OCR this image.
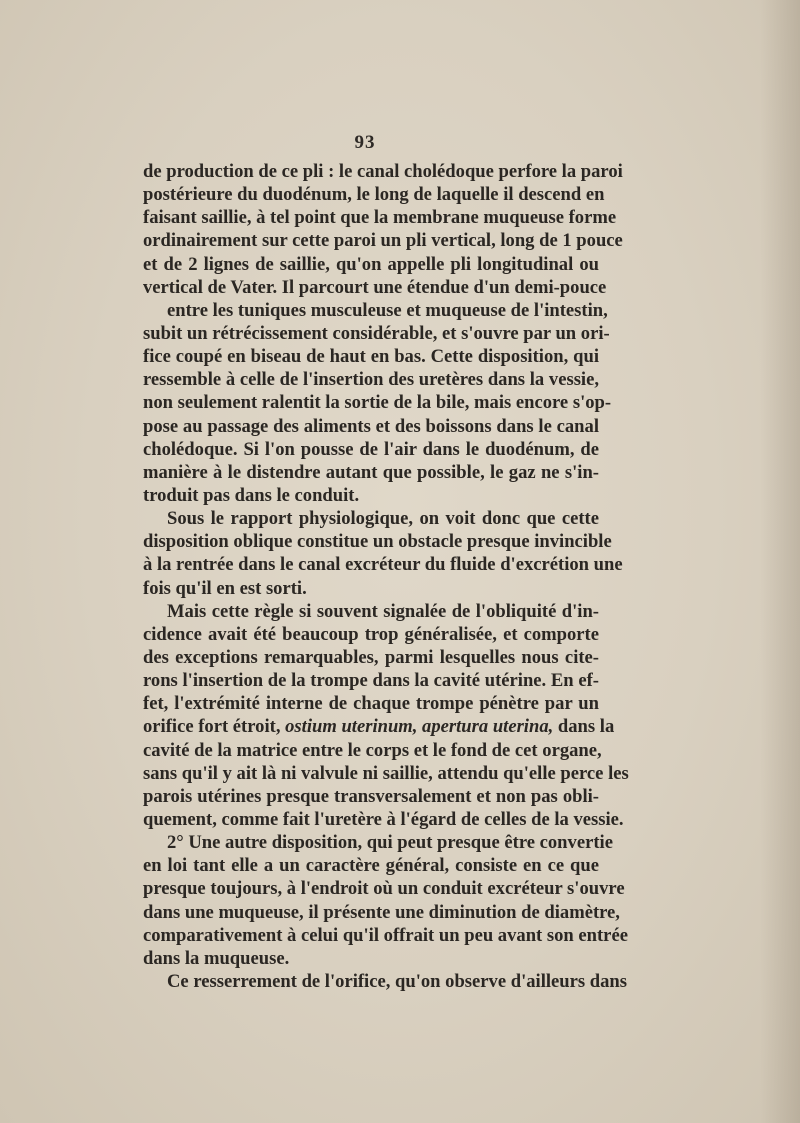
93
de production de ce pli : le canal cholédoque perfore la paroi
postérieure du duodénum, le long de laquelle il descend en
faisant saillie, à tel point que la membrane muqueuse forme
ordinairement sur cette paroi un pli vertical, long de 1 pouce
et de 2 lignes de saillie, qu'on appelle pli longitudinal ou
vertical de Vater. Il parcourt une étendue d'un demi-pouce
entre les tuniques musculeuse et muqueuse de l'intestin,
subit un rétrécissement considérable, et s'ouvre par un ori-
fice coupé en biseau de haut en bas. Cette disposition, qui
ressemble à celle de l'insertion des uretères dans la vessie,
non seulement ralentit la sortie de la bile, mais encore s'op-
pose au passage des aliments et des boissons dans le canal
cholédoque. Si l'on pousse de l'air dans le duodénum, de
manière à le distendre autant que possible, le gaz ne s'in-
troduit pas dans le conduit.
Sous le rapport physiologique, on voit donc que cette
disposition oblique constitue un obstacle presque invincible
à la rentrée dans le canal excréteur du fluide d'excrétion une
fois qu'il en est sorti.
Mais cette règle si souvent signalée de l'obliquité d'in-
cidence avait été beaucoup trop généralisée, et comporte
des exceptions remarquables, parmi lesquelles nous cite-
rons l'insertion de la trompe dans la cavité utérine. En ef-
fet, l'extrémité interne de chaque trompe pénètre par un
orifice fort étroit, ostium uterinum, apertura uterina, dans la
cavité de la matrice entre le corps et le fond de cet organe,
sans qu'il y ait là ni valvule ni saillie, attendu qu'elle perce les
parois utérines presque transversalement et non pas obli-
quement, comme fait l'uretère à l'égard de celles de la vessie.
2° Une autre disposition, qui peut presque être convertie
en loi tant elle a un caractère général, consiste en ce que
presque toujours, à l'endroit où un conduit excréteur s'ouvre
dans une muqueuse, il présente une diminution de diamètre,
comparativement à celui qu'il offrait un peu avant son entrée
dans la muqueuse.
Ce resserrement de l'orifice, qu'on observe d'ailleurs dans
